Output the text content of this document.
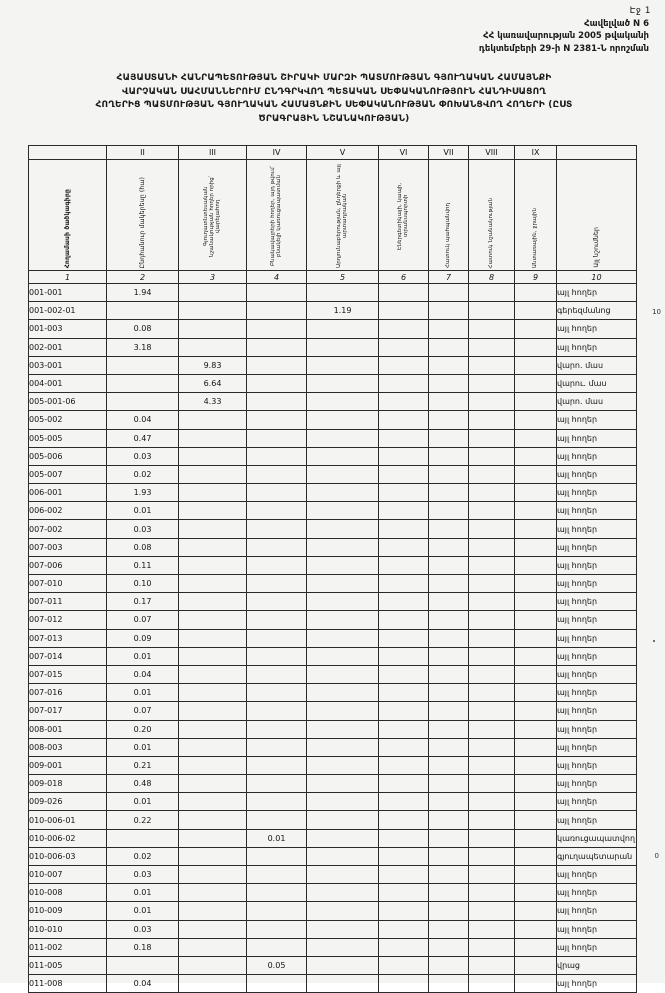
Էջ 1
Հավելված N 6
ՀՀ կառավարության 2005 թվականի
դեկտեմբերի 29-ի N 2381-Ն որոշման
ՀԱՅԱՍՏԱՆԻ ՀԱՆՐԱՊԵՏՈՒԹՅԱՆ ՇԻՐԱԿԻ ՄԱՐԶԻ ՊԱՏՄՈՒԹՅԱՆ ԳՅՈՒՂԱԿԱՆ ՀԱՄԱՅՆՔԻ
ՎԱՐՉԱԿԱՆ ՍԱՀՄԱՆՆԵՐՈՒՄ ԸՆԴԳՐԿՎՈՂ ՊԵՏԱԿԱՆ ՍԵՓԱԿԱՆՈՒԹՅՈՒՆ ՀԱՆԴԻՍԱՑՈՂ
ՀՈՂԵՐԻՑ ՊԱՏՄՈՒԹՅԱՆ ԳՅՈՒՂԱԿԱՆ ՀԱՄԱՅՆՔԻՆ ՍԵՓԱԿԱՆՈՒԹՅԱՆ ՓՈԽԱՆՑՎՈՂ ՀՈՂԵՐԻ (ԸՍՏ
ԾՐԱԳՐԱՅԻՆ ՆՇԱՆԱԿՈՒԹՅԱՆ)
	II	III	IV	V	VI	VII	VIII	IX	
Հողամասի ծածկագիրը	Ընդհանուր մակերեսը (հա)	Գյուղատնտեսական նշանակության հողեր որից՝ վարելահող	Բնակավայրերի հողեր, այդ թվում՝ բնակելի կառուցապատման	Արդյունաբերության, ընդերքի և այլ արտադրական	Էներգետիկայի, կապի, տրանսպորտի	Հատուկ պահպանվող	Հատուկ նշանակության	Անտառային, ջրային	Այլ նշումներ
1	2	3	4	5	6	7	8	9	10
001-001	1.94								այլ հողեր
001-002-01				1.19					գերեզմանոց
001-003	0.08								այլ հողեր
002-001	3.18								այլ հողեր
003-001		9.83							վարո. մաս
004-001		6.64							վարու. մաս
005-001-06		4.33							վարո. մաս
005-002	0.04								այլ հողեր
005-005	0.47								այլ հողեր
005-006	0.03								այլ հողեր
005-007	0.02								այլ հողեր
006-001	1.93								այլ հողեր
006-002	0.01								այլ հողեր
007-002	0.03								այլ հողեր
007-003	0.08								այլ հողեր
007-006	0.11								այլ հողեր
007-010	0.10								այլ հողեր
007-011	0.17								այլ հողեր
007-012	0.07								այլ հողեր
007-013	0.09								այլ հողեր
007-014	0.01								այլ հողեր
007-015	0.04								այլ հողեր
007-016	0.01								այլ հողեր
007-017	0.07								այլ հողեր
008-001	0.20								այլ հողեր
008-003	0.01								այլ հողեր
009-001	0.21								այլ հողեր
009-018	0.48								այլ հողեր
009-026	0.01								այլ հողեր
010-006-01	0.22								այլ հողեր
010-006-02			0.01						կառուցապատվող
010-006-03	0.02								գյուղապետարան
010-007	0.03								այլ հողեր
010-008	0.01								այլ հողեր
010-009	0.01								այլ հողեր
010-010	0.03								այլ հողեր
011-002	0.18								այլ հողեր
011-005			0.05						վրաց
011-008	0.04								այլ հողեր
10
0
